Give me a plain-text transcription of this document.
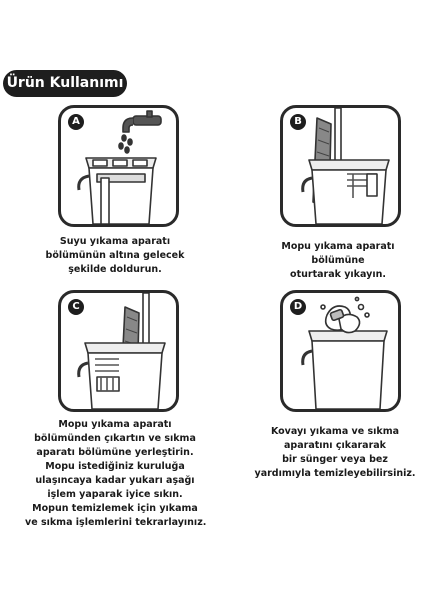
Ürün Kullanımı
A	B
C	D
Suyu yıkama aparatı
bölümünün altına gelecek
şekilde doldurun.
Mopu yıkama aparatı
bölümüne
oturtarak yıkayın.
Mopu yıkama aparatı
bölümünden çıkartın ve sıkma
aparatı bölümüne yerleştirin.
Mopu istediğiniz kuruluğa
ulaşıncaya kadar yukarı aşağı
işlem yaparak iyice sıkın.
Mopun temizlemek için yıkama
ve sıkma işlemlerini tekrarlayınız.
Kovayı yıkama ve sıkma
aparatını çıkararak
bir sünger veya bez
yardımıyla temizleyebilirsiniz.
